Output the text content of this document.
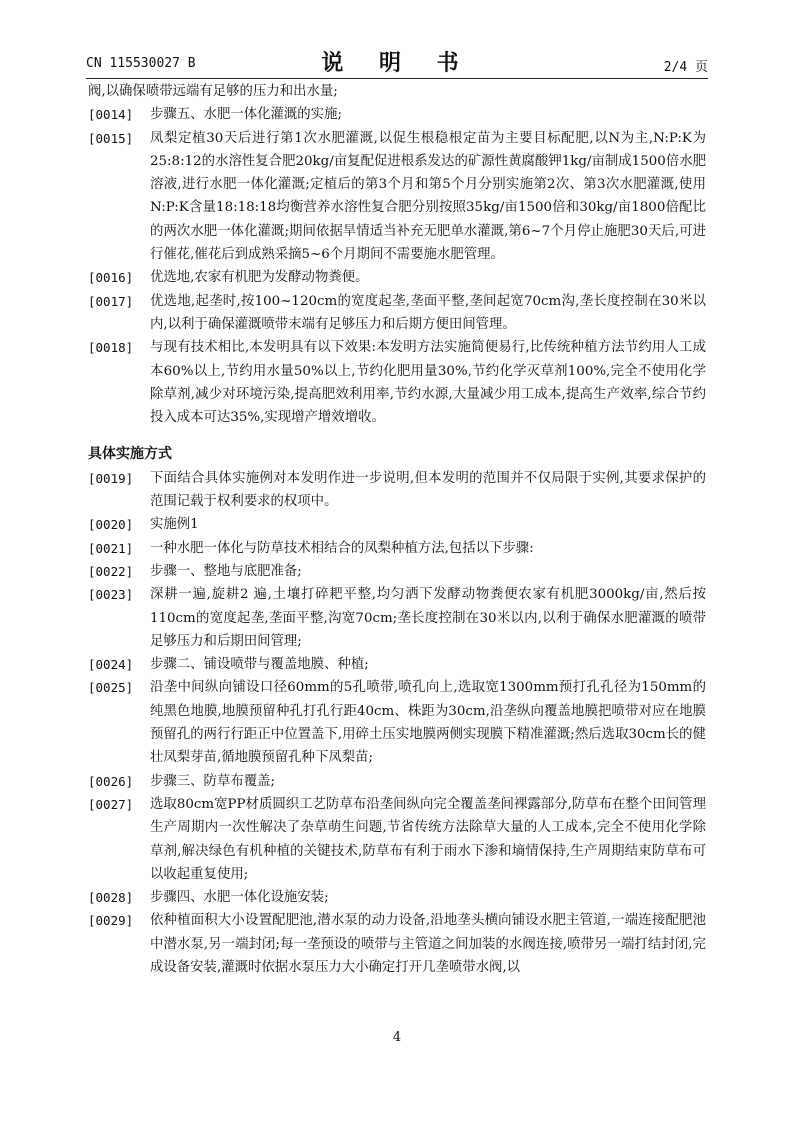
CN 115530027 B	说 明 书	2/4 页
阀,以确保喷带远端有足够的压力和出水量;
[0014]	步骤五、水肥一体化灌溉的实施;
[0015]	凤梨定植30天后进行第1次水肥灌溉,以促生根稳根定苗为主要目标配肥,以N为主,N:P:K为25:8:12的水溶性复合肥20kg/亩复配促进根系发达的矿源性黄腐酸钾1kg/亩制成1500倍水肥溶液,进行水肥一体化灌溉;定植后的第3个月和第5个月分别实施第2次、第3次水肥灌溉,使用N:P:K含量18:18:18均衡营养水溶性复合肥分别按照35kg/亩1500倍和30kg/亩1800倍配比的两次水肥一体化灌溉;期间依据旱情适当补充无肥单水灌溉,第6~7个月停止施肥30天后,可进行催花,催花后到成熟采摘5~6个月期间不需要施水肥管理。
[0016]	优选地,农家有机肥为发酵动物粪便。
[0017]	优选地,起垄时,按100~120cm的宽度起垄,垄面平整,垄间起宽70cm沟,垄长度控制在30米以内,以利于确保灌溉喷带末端有足够压力和后期方便田间管理。
[0018]	与现有技术相比,本发明具有以下效果:本发明方法实施简便易行,比传统种植方法节约用人工成本60%以上,节约用水量50%以上,节约化肥用量30%,节约化学灭草剂100%,完全不使用化学除草剂,减少对环境污染,提高肥效利用率,节约水源,大量减少用工成本,提高生产效率,综合节约投入成本可达35%,实现增产增效增收。
具体实施方式
[0019]	下面结合具体实施例对本发明作进一步说明,但本发明的范围并不仅局限于实例,其要求保护的范围记载于权利要求的权项中。
[0020]	实施例1
[0021]	一种水肥一体化与防草技术相结合的凤梨种植方法,包括以下步骤:
[0022]	步骤一、整地与底肥准备;
[0023]	深耕一遍,旋耕2 遍,土壤打碎耙平整,均匀洒下发酵动物粪便农家有机肥3000kg/亩,然后按110cm的宽度起垄,垄面平整,沟宽70cm;垄长度控制在30米以内,以利于确保水肥灌溉的喷带足够压力和后期田间管理;
[0024]	步骤二、铺设喷带与覆盖地膜、种植;
[0025]	沿垄中间纵向铺设口径60mm的5孔喷带,喷孔向上,选取宽1300mm预打孔孔径为150mm的纯黑色地膜,地膜预留种孔打孔行距40cm、株距为30cm,沿垄纵向覆盖地膜把喷带对应在地膜预留孔的两行行距正中位置盖下,用碎土压实地膜两侧实现膜下精准灌溉;然后选取30cm长的健壮凤梨芽苗,循地膜预留孔种下凤梨苗;
[0026]	步骤三、防草布覆盖;
[0027]	选取80cm宽PP材质圆织工艺防草布沿垄间纵向完全覆盖垄间裸露部分,防草布在整个田间管理生产周期内一次性解决了杂草萌生问题,节省传统方法除草大量的人工成本,完全不使用化学除草剂,解决绿色有机种植的关键技术,防草布有利于雨水下渗和墒情保持,生产周期结束防草布可以收起重复使用;
[0028]	步骤四、水肥一体化设施安装;
[0029]	依种植面积大小设置配肥池,潜水泵的动力设备,沿地垄头横向铺设水肥主管道,一端连接配肥池中潜水泵,另一端封闭;每一垄预设的喷带与主管道之间加装的水阀连接,喷带另一端打结封闭,完成设备安装,灌溉时依据水泵压力大小确定打开几垄喷带水阀,以
4
